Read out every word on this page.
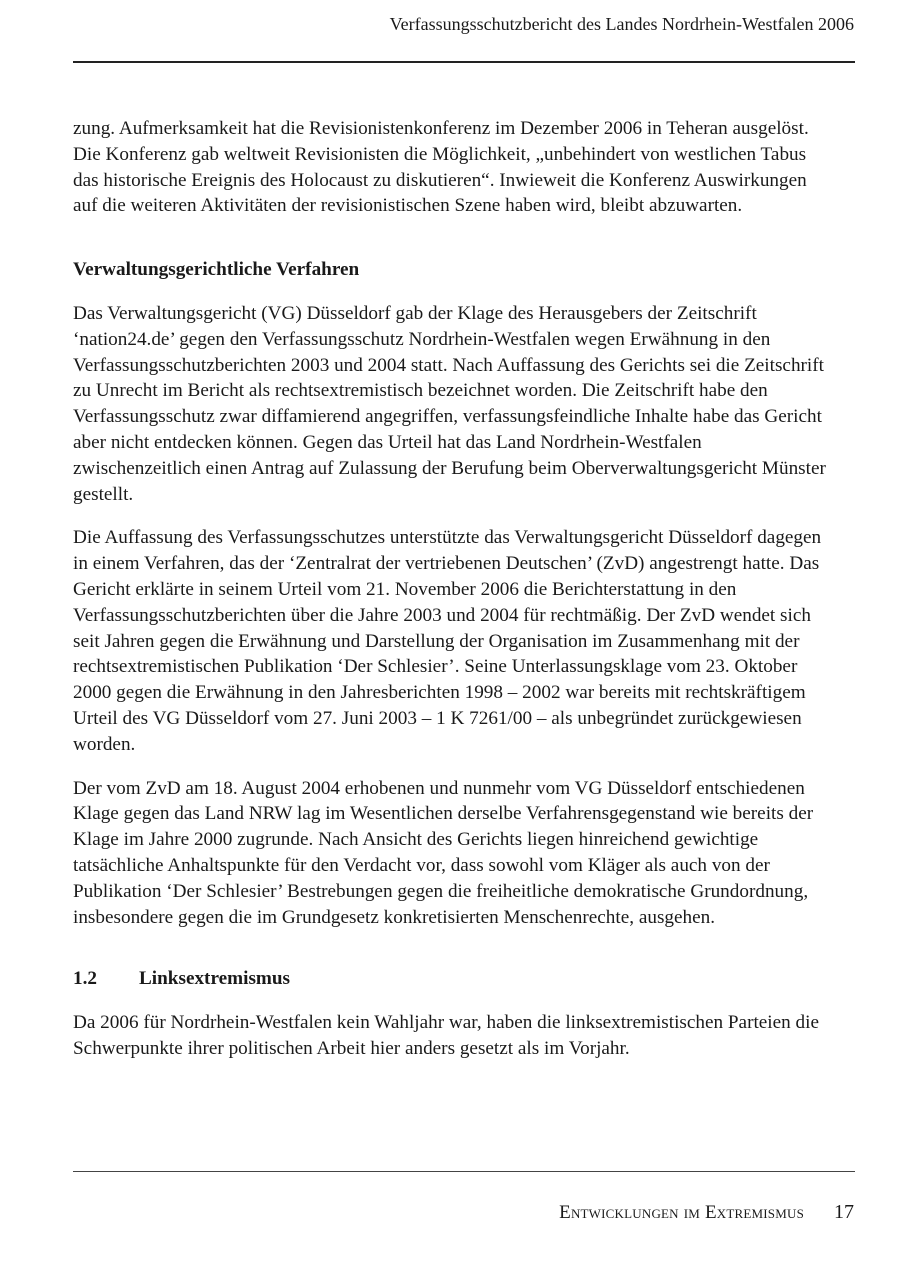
Verfassungsschutzbericht des Landes Nordrhein-Westfalen 2006

zung. Aufmerksamkeit hat die Revisionistenkonferenz im Dezember 2006 in Teheran ausgelöst. Die Konferenz gab weltweit Revisionisten die Möglichkeit, „unbehindert von westlichen Tabus das historische Ereignis des Holocaust zu diskutieren“. Inwieweit die Konferenz Auswirkungen auf die weiteren Aktivitäten der revisionistischen Szene haben wird, bleibt abzuwarten.

Verwaltungsgerichtliche Verfahren

Das Verwaltungsgericht (VG) Düsseldorf gab der Klage des Herausgebers der Zeitschrift ‘nation24.de’ gegen den Verfassungsschutz Nordrhein-Westfalen wegen Erwähnung in den Verfassungsschutzberichten 2003 und 2004 statt. Nach Auffassung des Gerichts sei die Zeitschrift zu Unrecht im Bericht als rechtsextremistisch bezeichnet worden. Die Zeitschrift habe den Verfassungsschutz zwar diffamierend angegriffen, verfassungsfeindliche Inhalte habe das Gericht aber nicht entdecken können. Gegen das Urteil hat das Land Nordrhein-Westfalen zwischenzeitlich einen Antrag auf Zulassung der Berufung beim Oberverwaltungsgericht Münster gestellt.

Die Auffassung des Verfassungsschutzes unterstützte das Verwaltungsgericht Düsseldorf dagegen in einem Verfahren, das der ‘Zentralrat der vertriebenen Deutschen’ (ZvD) angestrengt hatte. Das Gericht erklärte in seinem Urteil vom 21. November 2006 die Berichterstattung in den Verfassungsschutzberichten über die Jahre 2003 und 2004 für rechtmäßig. Der ZvD wendet sich seit Jahren gegen die Erwähnung und Darstellung der Organisation im Zusammenhang mit der rechtsextremistischen Publikation ‘Der Schlesier’. Seine Unterlassungsklage vom 23. Oktober 2000 gegen die Erwähnung in den Jahresberichten 1998 – 2002 war bereits mit rechtskräftigem Urteil des VG Düsseldorf vom 27. Juni 2003 – 1 K 7261/00 – als unbegründet zurückgewiesen worden.

Der vom ZvD am 18. August 2004 erhobenen und nunmehr vom VG Düsseldorf entschiedenen Klage gegen das Land NRW lag im Wesentlichen derselbe Verfahrensgegenstand wie bereits der Klage im Jahre 2000 zugrunde. Nach Ansicht des Gerichts liegen hinreichend gewichtige tatsächliche Anhaltspunkte für den Verdacht vor, dass sowohl vom Kläger als auch von der Publikation ‘Der Schlesier’ Bestrebungen gegen die freiheitliche demokratische Grundordnung, insbesondere gegen die im Grundgesetz konkretisierten Menschenrechte, ausgehen.

1.2 Linksextremismus

Da 2006 für Nordrhein-Westfalen kein Wahljahr war, haben die linksextremistischen Parteien die Schwerpunkte ihrer politischen Arbeit hier anders gesetzt als im Vorjahr.

Entwicklungen im Extremismus 17
